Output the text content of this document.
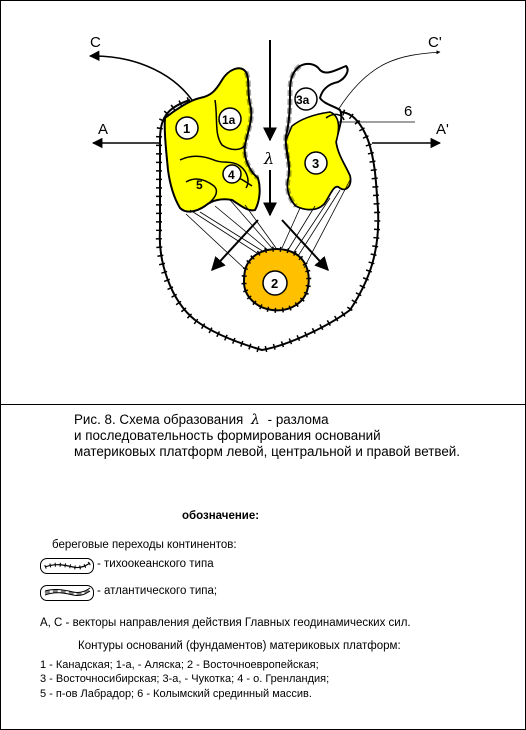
C	C'
A	A'
λ
1
1а
3а
3
4
5
2
6
Рис. 8. Схема образования λ - разлома
и последовательность формирования оснований
материковых платформ левой, центральной и правой ветвей.
обозначение:
береговые переходы континентов:
- тихоокеанского типа
- атлантического типа;
А, С - векторы направления действия Главных геодинамических сил.
Контуры оснований (фундаментов) материковых платформ:
1 - Канадская; 1-а, - Аляска; 2 - Восточноевропейская;
3 - Восточносибирская; 3-а, - Чукотка; 4 - о. Гренландия;
5 - п-ов Лабрадор; 6 - Колымский срединный массив.
